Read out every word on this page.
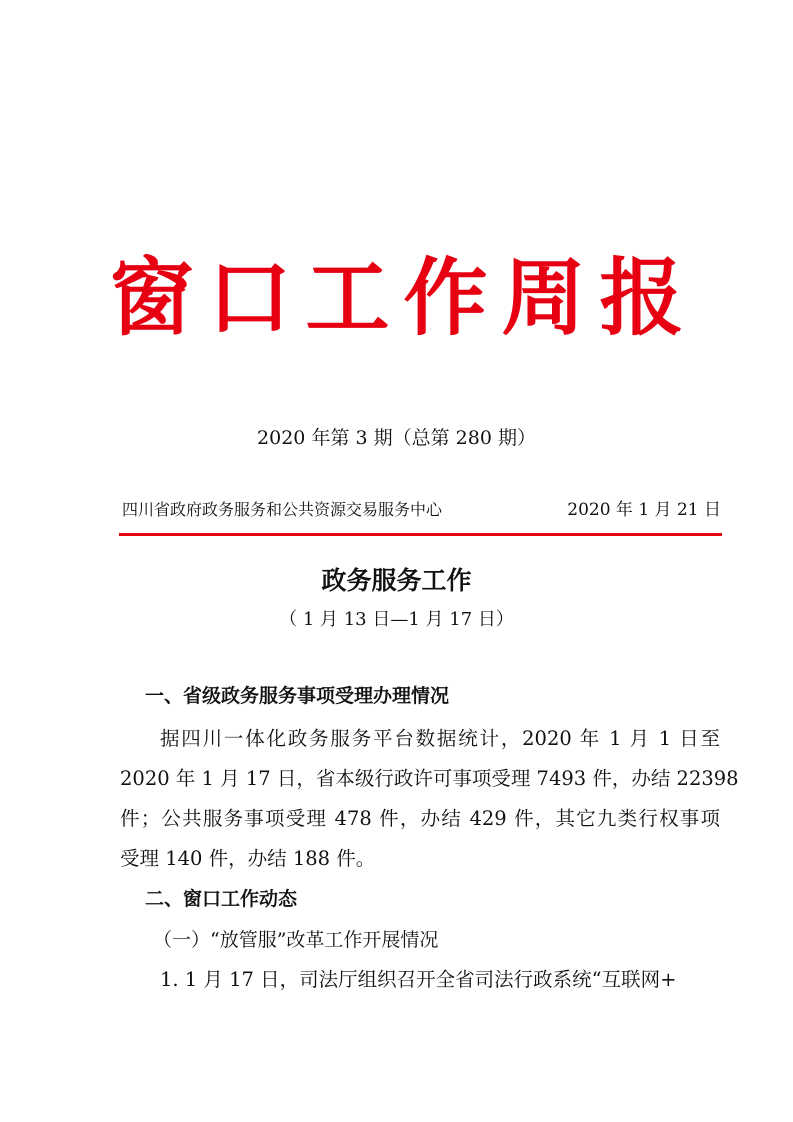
窗口工作周报
2020 年第 3 期（总第 280 期）
四川省政府政务服务和公共资源交易服务中心	2020 年 1 月 21 日
政务服务工作
（ 1 月 13 日—1 月 17 日）
一、省级政务服务事项受理办理情况
据四川一体化政务服务平台数据统计，2020 年 1 月 1 日至
2020 年 1 月 17 日，省本级行政许可事项受理 7493 件，办结 22398
件；公共服务事项受理 478 件，办结 429 件，其它九类行权事项
受理 140 件，办结 188 件。
二、窗口工作动态
（一）“放管服”改革工作开展情况
1. 1 月 17 日，司法厅组织召开全省司法行政系统“互联网+
